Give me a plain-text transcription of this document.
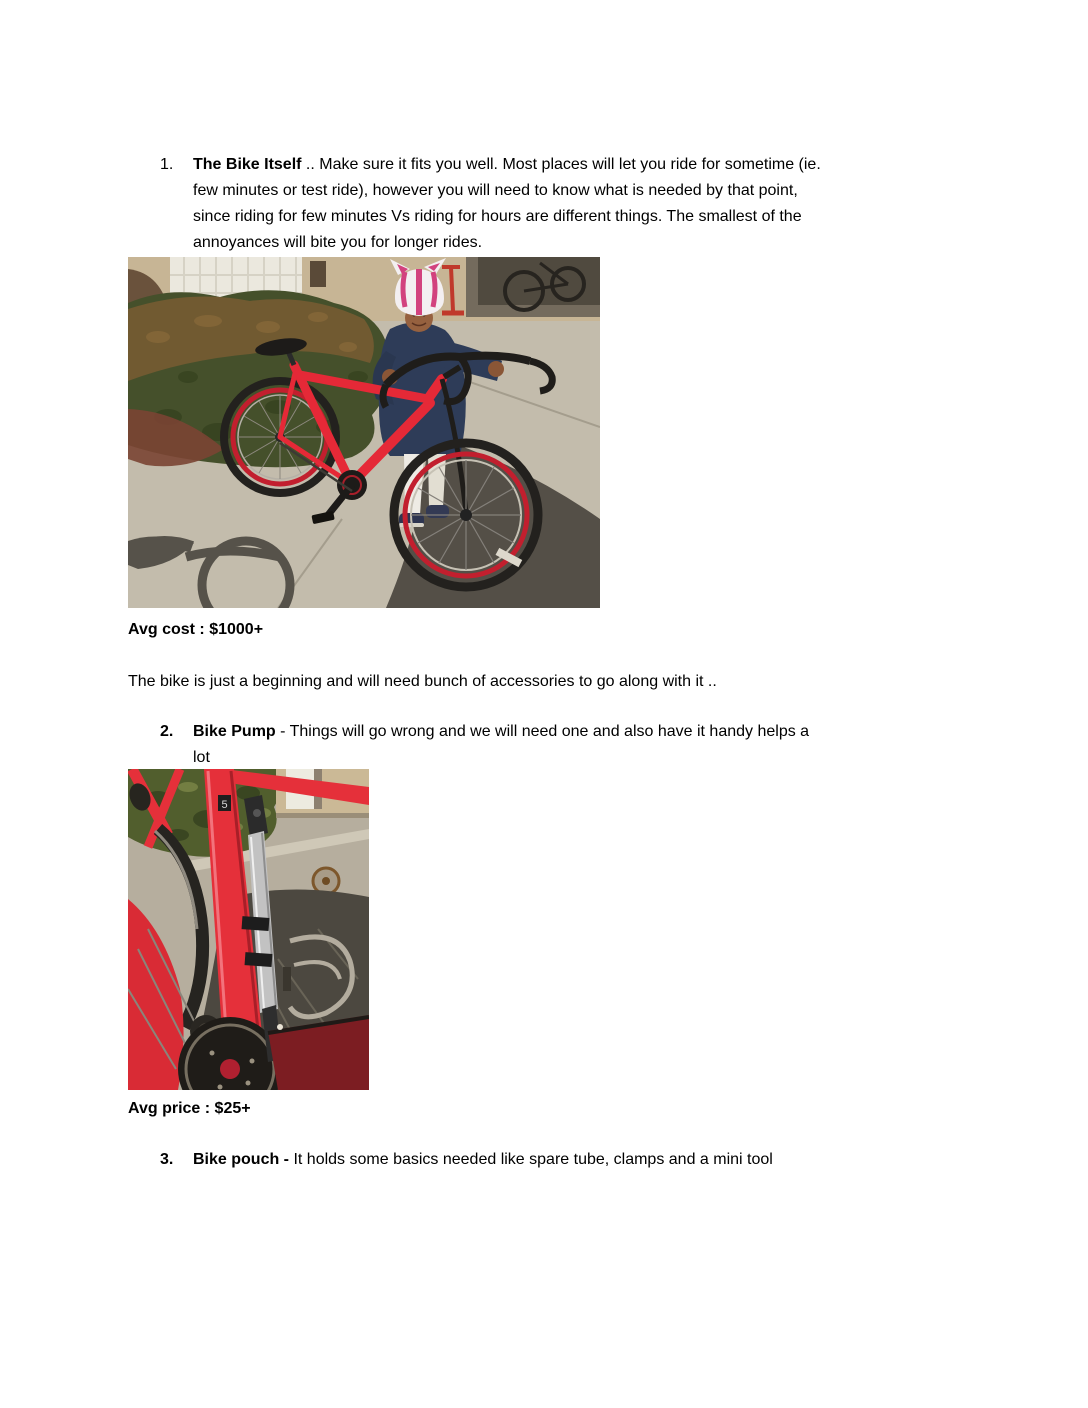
1.	The Bike Itself .. Make sure it fits you well. Most places will let you ride for sometime (ie.
few minutes or test ride), however you will need to know what is needed by that point,
since riding for few minutes Vs riding for hours are different things. The smallest of the
annoyances will bite you for longer rides.
Avg cost : $1000+
The bike is just a beginning and will need bunch of accessories to go along with it ..
2.	Bike Pump - Things will go wrong and we will need one and also have it handy helps a
lot
5
Avg price : $25+
3.	Bike pouch - It holds some basics needed like spare tube, clamps and a mini tool
